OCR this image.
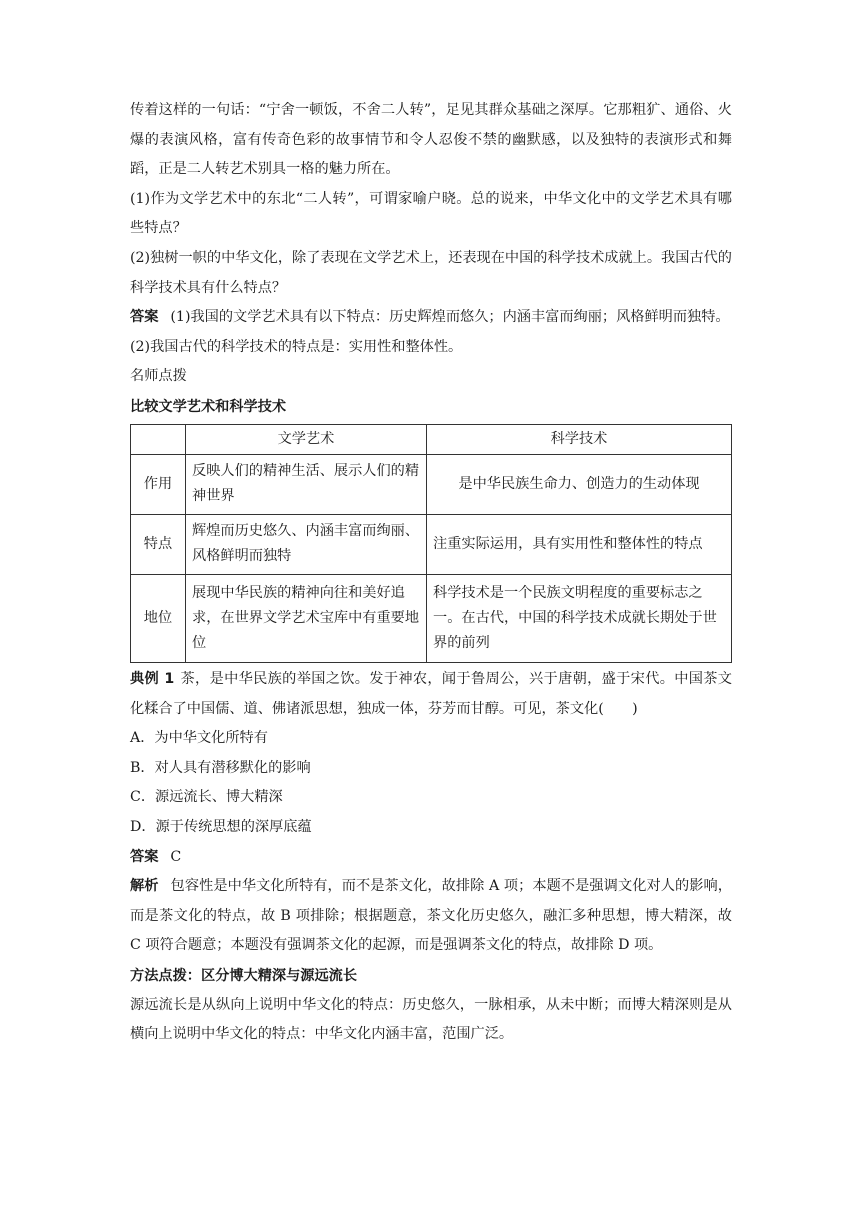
传着这样的一句话：“宁舍一顿饭，不舍二人转”，足见其群众基础之深厚。它那粗犷、通俗、火爆的表演风格，富有传奇色彩的故事情节和令人忍俊不禁的幽默感，以及独特的表演形式和舞蹈，正是二人转艺术别具一格的魅力所在。

(1)作为文学艺术中的东北“二人转”，可谓家喻户晓。总的说来，中华文化中的文学艺术具有哪些特点？

(2)独树一帜的中华文化，除了表现在文学艺术上，还表现在中国的科学技术成就上。我国古代的科学技术具有什么特点？

答案 (1)我国的文学艺术具有以下特点：历史辉煌而悠久；内涵丰富而绚丽；风格鲜明而独特。

(2)我国古代的科学技术的特点是：实用性和整体性。

名师点拨

比较文学艺术和科学技术

	文学艺术	科学技术
作用	反映人们的精神生活、展示人们的精神世界	是中华民族生命力、创造力的生动体现
特点	辉煌而历史悠久、内涵丰富而绚丽、风格鲜明而独特	注重实际运用，具有实用性和整体性的特点
地位	展现中华民族的精神向往和美好追求，在世界文学艺术宝库中有重要地位	科学技术是一个民族文明程度的重要标志之一。在古代，中国的科学技术成就长期处于世界的前列

典例 1 茶，是中华民族的举国之饮。发于神农，闻于鲁周公，兴于唐朝，盛于宋代。中国茶文化糅合了中国儒、道、佛诸派思想，独成一体，芬芳而甘醇。可见，茶文化(　　)

A．为中华文化所特有

B．对人具有潜移默化的影响

C．源远流长、博大精深

D．源于传统思想的深厚底蕴

答案 C

解析 包容性是中华文化所特有，而不是茶文化，故排除 A 项；本题不是强调文化对人的影响，而是茶文化的特点，故 B 项排除；根据题意，茶文化历史悠久，融汇多种思想，博大精深，故 C 项符合题意；本题没有强调茶文化的起源，而是强调茶文化的特点，故排除 D 项。

方法点拨：区分博大精深与源远流长

源远流长是从纵向上说明中华文化的特点：历史悠久，一脉相承，从未中断；而博大精深则是从横向上说明中华文化的特点：中华文化内涵丰富，范围广泛。
